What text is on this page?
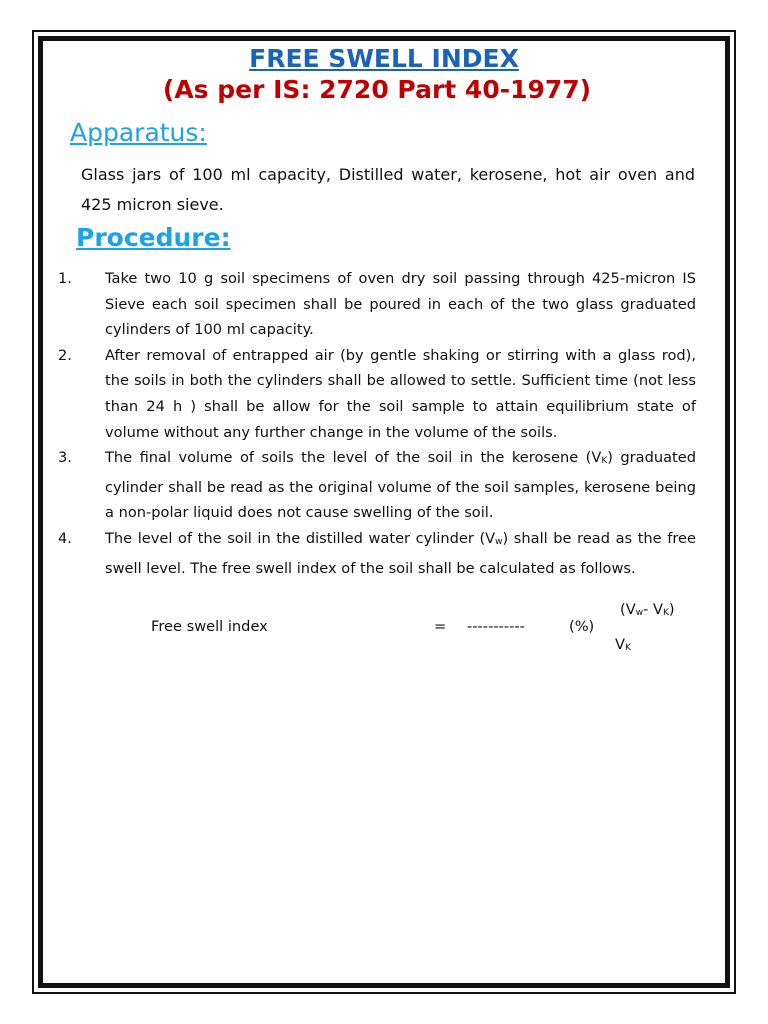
FREE SWELL INDEX
(As per IS: 2720 Part 40-1977)
Apparatus:
Glass jars of 100 ml capacity, Distilled water, kerosene, hot air oven and 425 micron sieve.
Procedure:
1. Take two 10 g soil specimens of oven dry soil passing through 425-micron IS Sieve each soil specimen shall be poured in each of the two glass graduated cylinders of 100 ml capacity.
2. After removal of entrapped air (by gentle shaking or stirring with a glass rod), the soils in both the cylinders shall be allowed to settle. Sufficient time (not less than 24 h ) shall be allow for the soil sample to attain equilibrium state of volume without any further change in the volume of the soils.
3. The final volume of soils the level of the soil in the kerosene (VK) graduated cylinder shall be read as the original volume of the soil samples, kerosene being a non-polar liquid does not cause swelling of the soil.
4. The level of the soil in the distilled water cylinder (Vw) shall be read as the free swell level. The free swell index of the soil shall be calculated as follows.
Free swell index	= -----------	(%)
(Vw- VK)
VK
